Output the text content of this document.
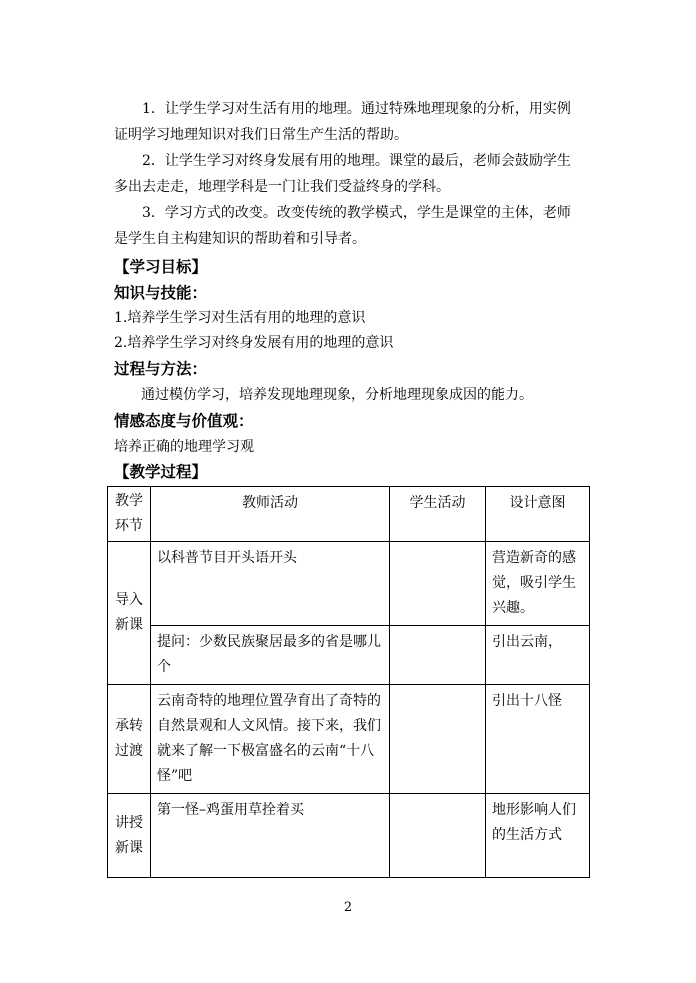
1．让学生学习对生活有用的地理。通过特殊地理现象的分析，用实例证明学习地理知识对我们日常生产生活的帮助。

2．让学生学习对终身发展有用的地理。课堂的最后，老师会鼓励学生多出去走走，地理学科是一门让我们受益终身的学科。

3．学习方式的改变。改变传统的教学模式，学生是课堂的主体，老师是学生自主构建知识的帮助着和引导者。

【学习目标】

知识与技能：

1.培养学生学习对生活有用的地理的意识

2.培养学生学习对终身发展有用的地理的意识

过程与方法：

通过模仿学习，培养发现地理现象，分析地理现象成因的能力。

情感态度与价值观：

培养正确的地理学习观

【教学过程】

教学环节	教师活动	学生活动	设计意图
导入新课	以科普节目开头语开头		营造新奇的感觉，吸引学生兴趣。
	提问：少数民族聚居最多的省是哪儿个		引出云南，
承转过渡	云南奇特的地理位置孕育出了奇特的自然景观和人文风情。接下来，我们就来了解一下极富盛名的云南“十八怪”吧		引出十八怪
讲授新课	第一怪–鸡蛋用草拴着买		地形影响人们的生活方式
2
